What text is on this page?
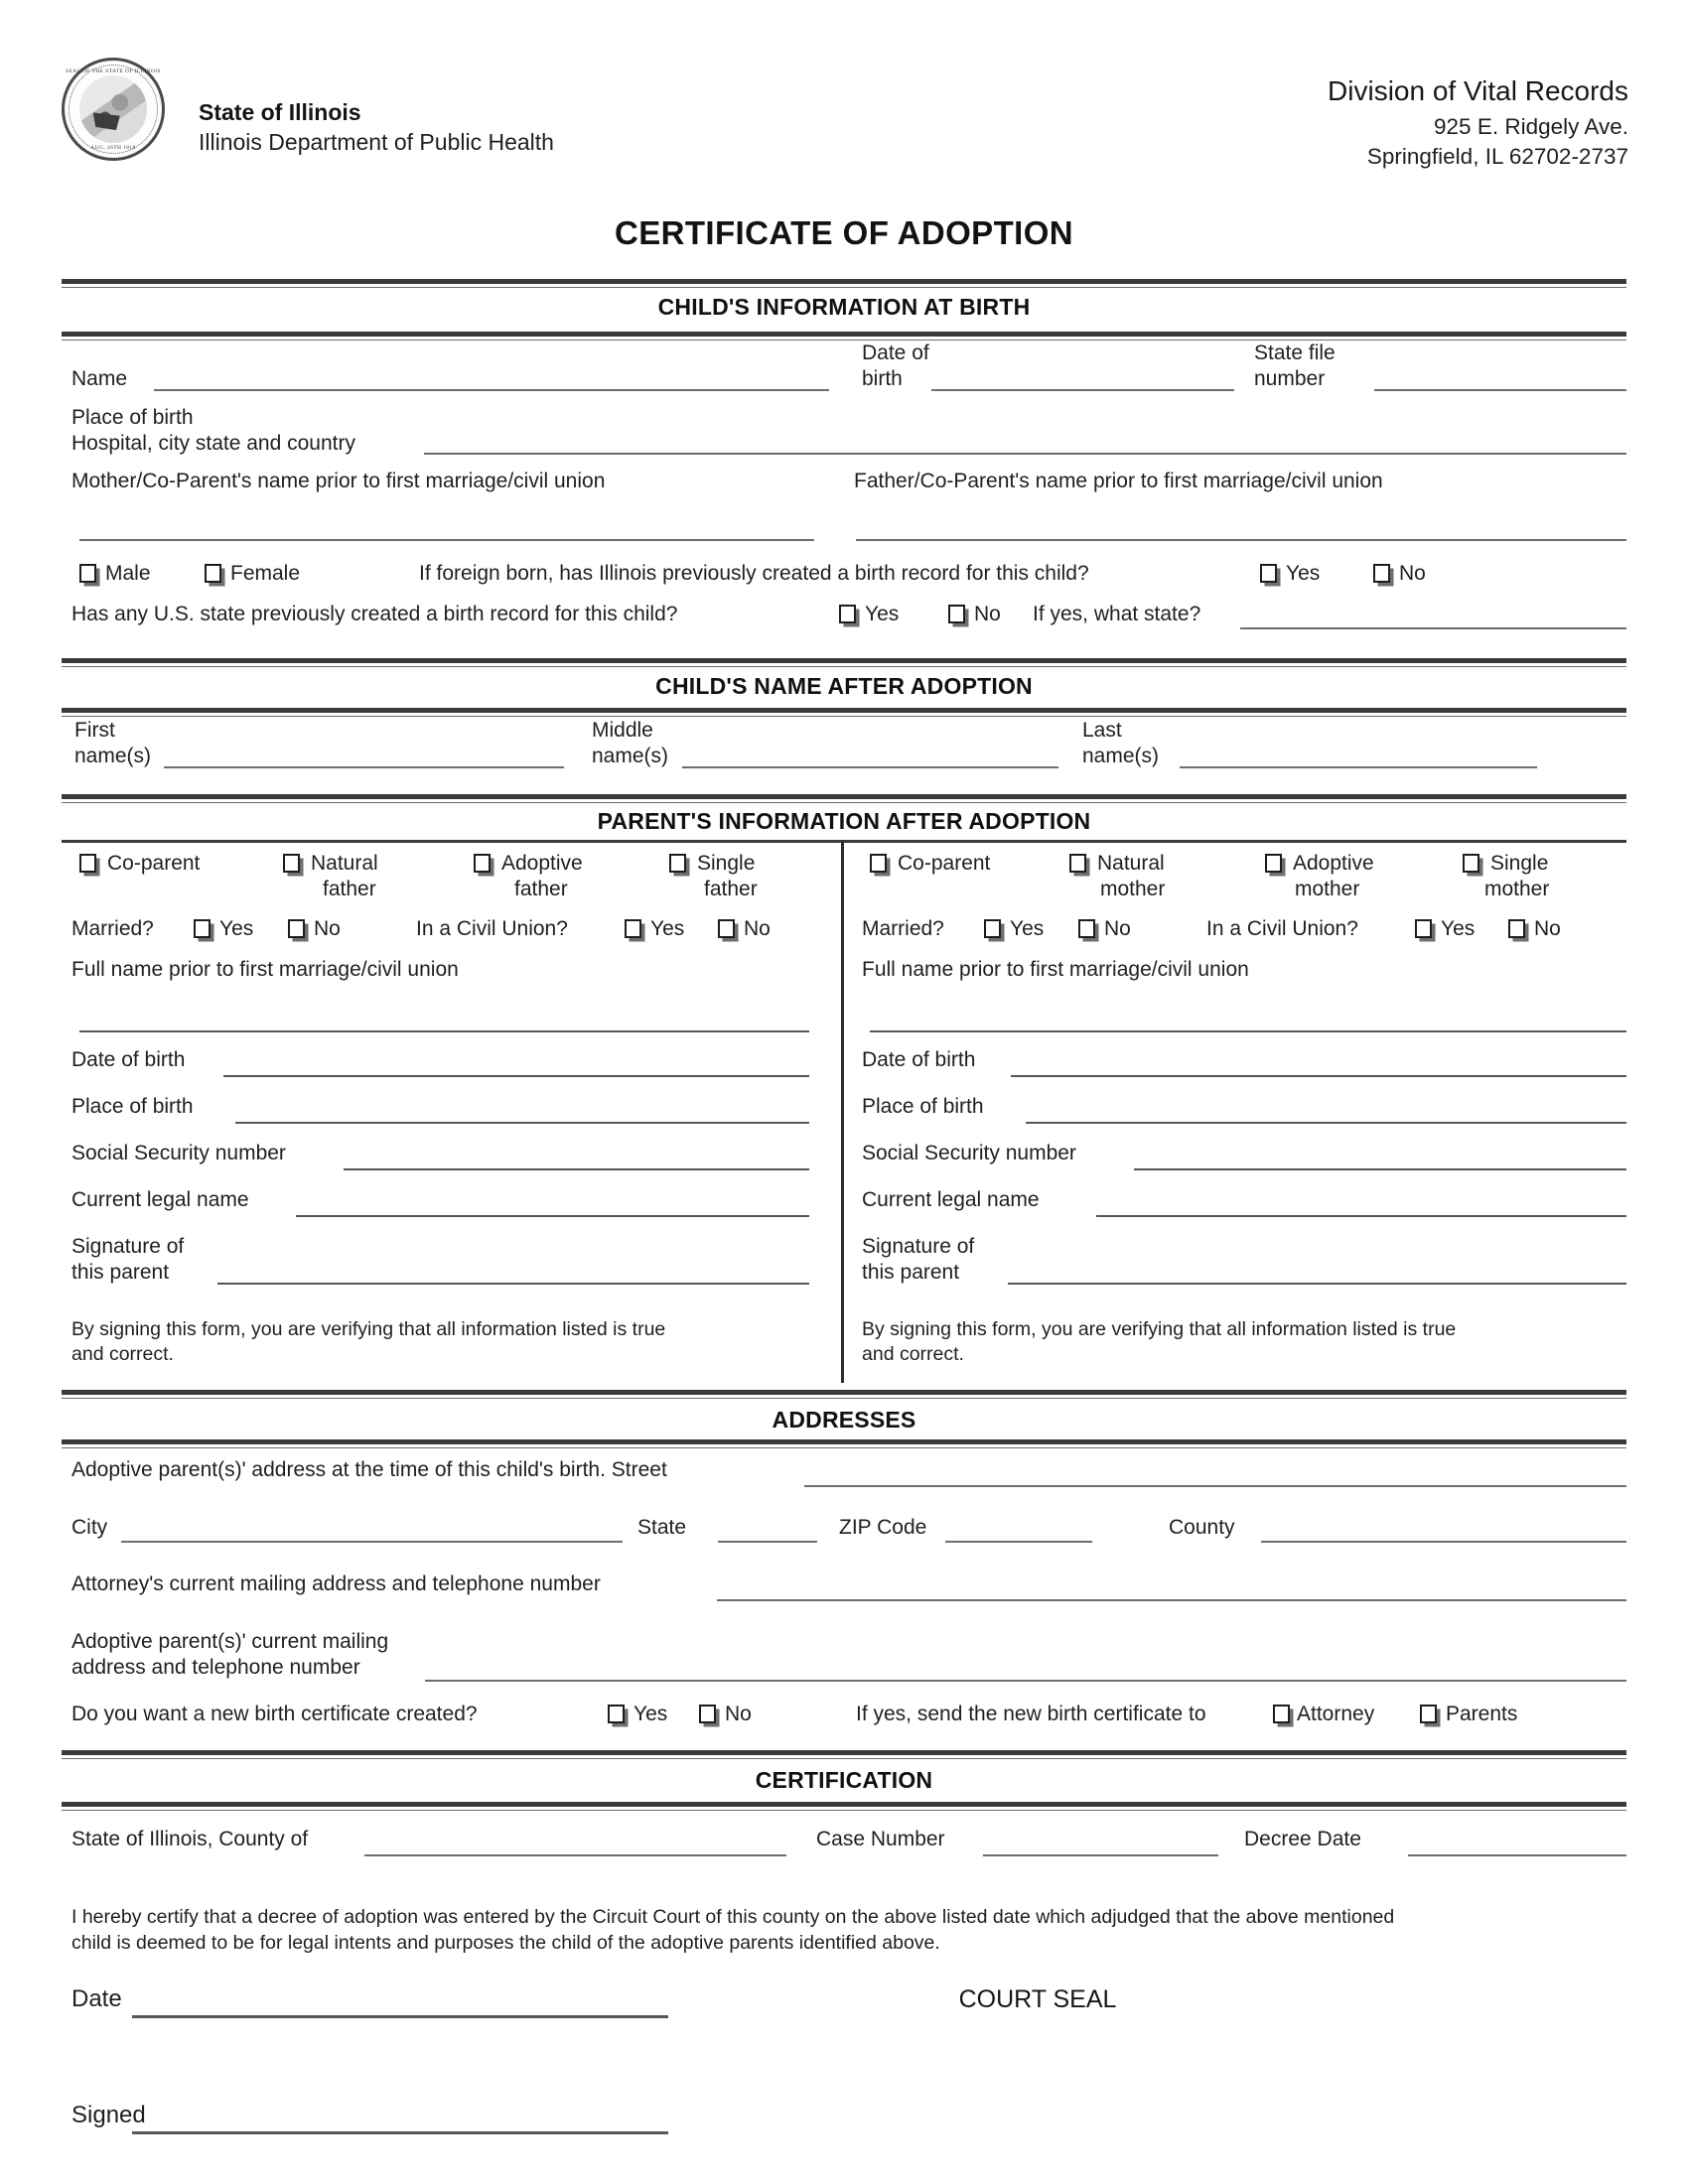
SEAL OF THE STATE OF ILLINOIS
AUG. 26TH 1818
State of Illinois
Illinois Department of Public Health
Division of Vital Records
925 E. Ridgely Ave.
Springfield, IL 62702-2737
CERTIFICATE OF ADOPTION
CHILD'S INFORMATION AT BIRTH
Name
Date of
birth
State file
number
Place of birth
Hospital, city state and country
Mother/Co-Parent's name prior to first marriage/civil union	Father/Co-Parent's name prior to first marriage/civil union
Male	Female	If foreign born, has Illinois previously created a birth record for this child?	Yes	No
Has any U.S. state previously created a birth record for this child?	Yes	No If yes, what state?
CHILD'S NAME AFTER ADOPTION
First
name(s)
Middle
name(s)
Last
name(s)
PARENT'S INFORMATION AFTER ADOPTION
Co-parent	Natural
father
Adoptive
father
Single
father
Married?	Yes	No	In a Civil Union?	Yes	No
Full name prior to first marriage/civil union
Date of birth
Place of birth
Social Security number
Current legal name
Signature of
this parent
By signing this form, you are verifying that all information listed is true
and correct.
Co-parent	Natural
mother
Adoptive
mother
Single
mother
Married?	Yes	No	In a Civil Union?	Yes	No
Full name prior to first marriage/civil union
Date of birth
Place of birth
Social Security number
Current legal name
Signature of
this parent
By signing this form, you are verifying that all information listed is true
and correct.
ADDRESSES
Adoptive parent(s)' address at the time of this child's birth. Street
City	State	ZIP Code	County
Attorney's current mailing address and telephone number
Adoptive parent(s)' current mailing
address and telephone number
Do you want a new birth certificate created?	Yes	No	If yes, send the new birth certificate to	Attorney	Parents
CERTIFICATION
State of Illinois, County of	Case Number	Decree Date
I hereby certify that a decree of adoption was entered by the Circuit Court of this county on the above listed date which adjudged that the above mentioned
child is deemed to be for legal intents and purposes the child of the adoptive parents identified above.
Date	COURT SEAL
Signed
